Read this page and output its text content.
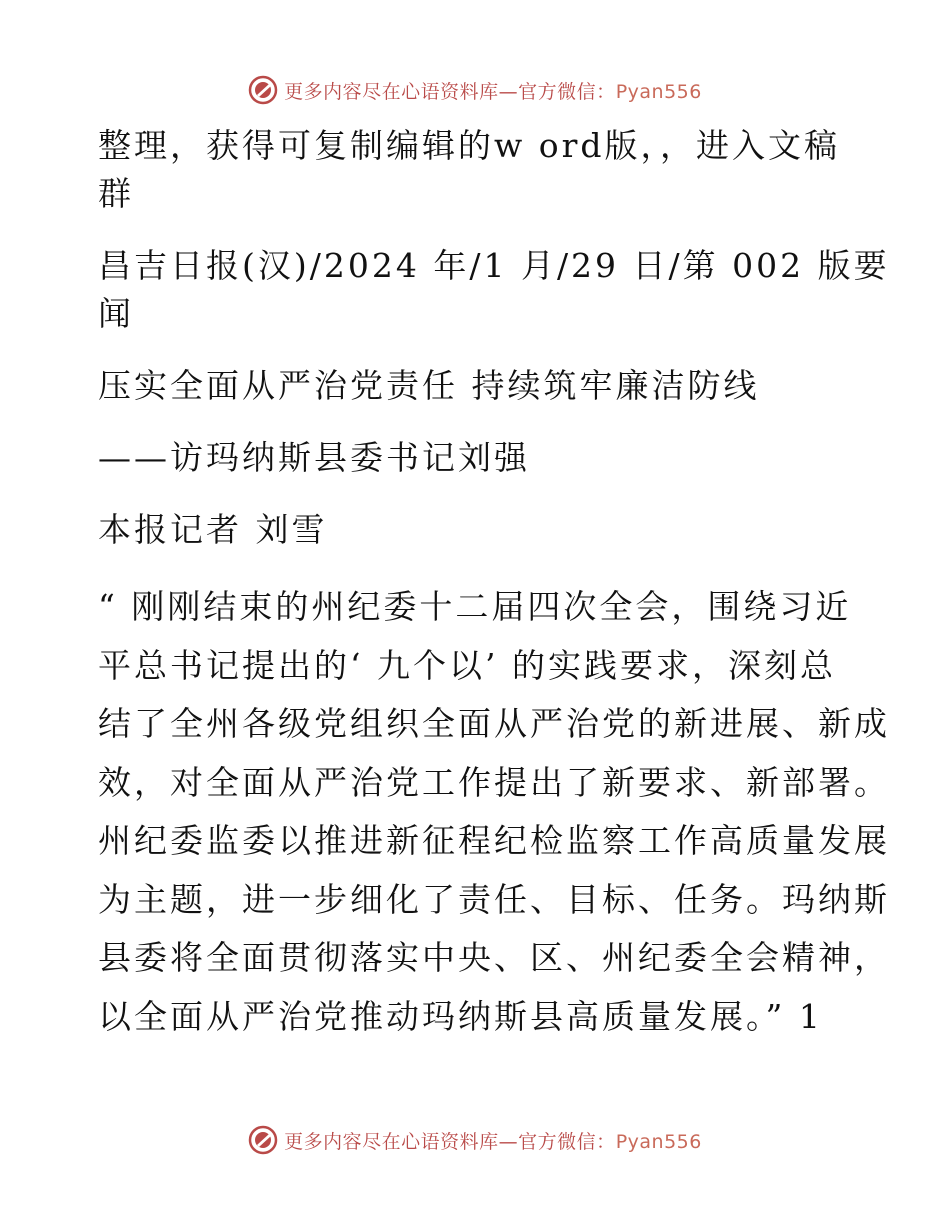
更多内容尽在心语资料库—官方微信：Pyan556

整理，获得可复制编辑的w ord版，，进入文稿

群

昌吉日报(汉)/2024 年/1 月/29 日/第 002 版要

闻

压实全面从严治党责任 持续筑牢廉洁防线

——访玛纳斯县委书记刘强

本报记者 刘雪

“ 刚刚结束的州纪委十二届四次全会，围绕习近

平总书记提出的‘ 九个以’ 的实践要求，深刻总

结了全州各级党组织全面从严治党的新进展、新成

效，对全面从严治党工作提出了新要求、新部署。

州纪委监委以推进新征程纪检监察工作高质量发展

为主题，进一步细化了责任、目标、任务。玛纳斯

县委将全面贯彻落实中央、区、州纪委全会精神，

以全面从严治党推动玛纳斯县高质量发展。” 1

更多内容尽在心语资料库—官方微信：Pyan556
